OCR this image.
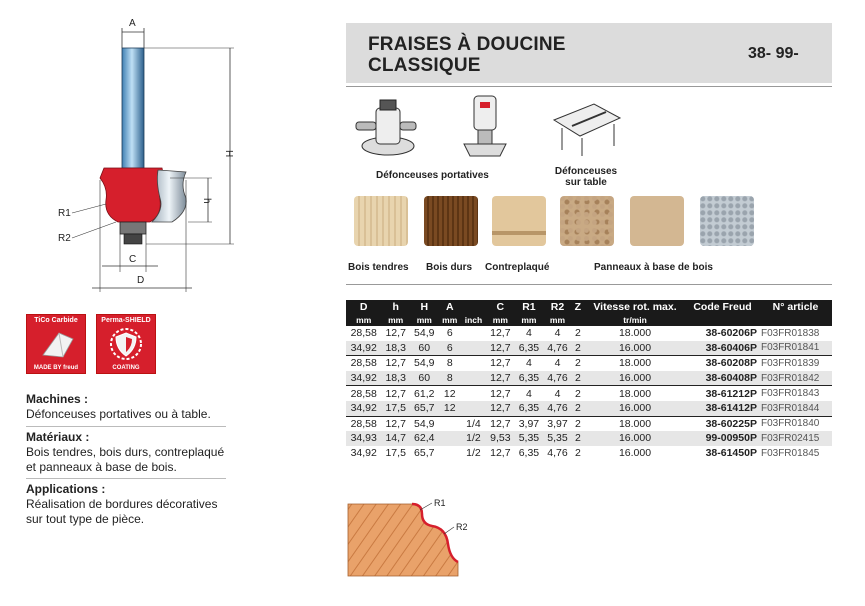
A
H
h
R1
R2
C
D
TiCo Carbide
MADE BY freud
Perma-SHIELD
COATING
Machines :
Défonceuses portatives ou à table.
Matériaux :
Bois tendres, bois durs, contreplaqué
et panneaux à base de bois.
Applications :
Réalisation de bordures décoratives
sur tout type de pièce.
FRAISES À DOUCINE
CLASSIQUE
38- 99-
Défonceuses portatives	Défonceuses
sur table
Bois tendres Bois durs Contreplaqué	Panneaux à base de bois
D	h	H	A		C	R1	R2	Z	Vitesse rot. max.	Code Freud	N° article
mm	mm	mm	mm	inch	mm	mm	mm		tr/min		
28,58	12,7	54,9	6		12,7	4	4	2	18.000	38-60206P	F03FR01838
34,92	18,3	60	6		12,7	6,35	4,76	2	16.000	38-60406P	F03FR01841
28,58	12,7	54,9	8		12,7	4	4	2	18.000	38-60208P	F03FR01839
34,92	18,3	60	8		12,7	6,35	4,76	2	16.000	38-60408P	F03FR01842
28,58	12,7	61,2	12		12,7	4	4	2	18.000	38-61212P	F03FR01843
34,92	17,5	65,7	12		12,7	6,35	4,76	2	16.000	38-61412P	F03FR01844
28,58	12,7	54,9		1/4	12,7	3,97	3,97	2	18.000	38-60225P	F03FR01840
34,93	14,7	62,4		1/2	9,53	5,35	5,35	2	16.000	99-00950P	F03FR02415
34,92	17,5	65,7		1/2	12,7	6,35	4,76	2	16.000	38-61450P	F03FR01845
R1
R2
